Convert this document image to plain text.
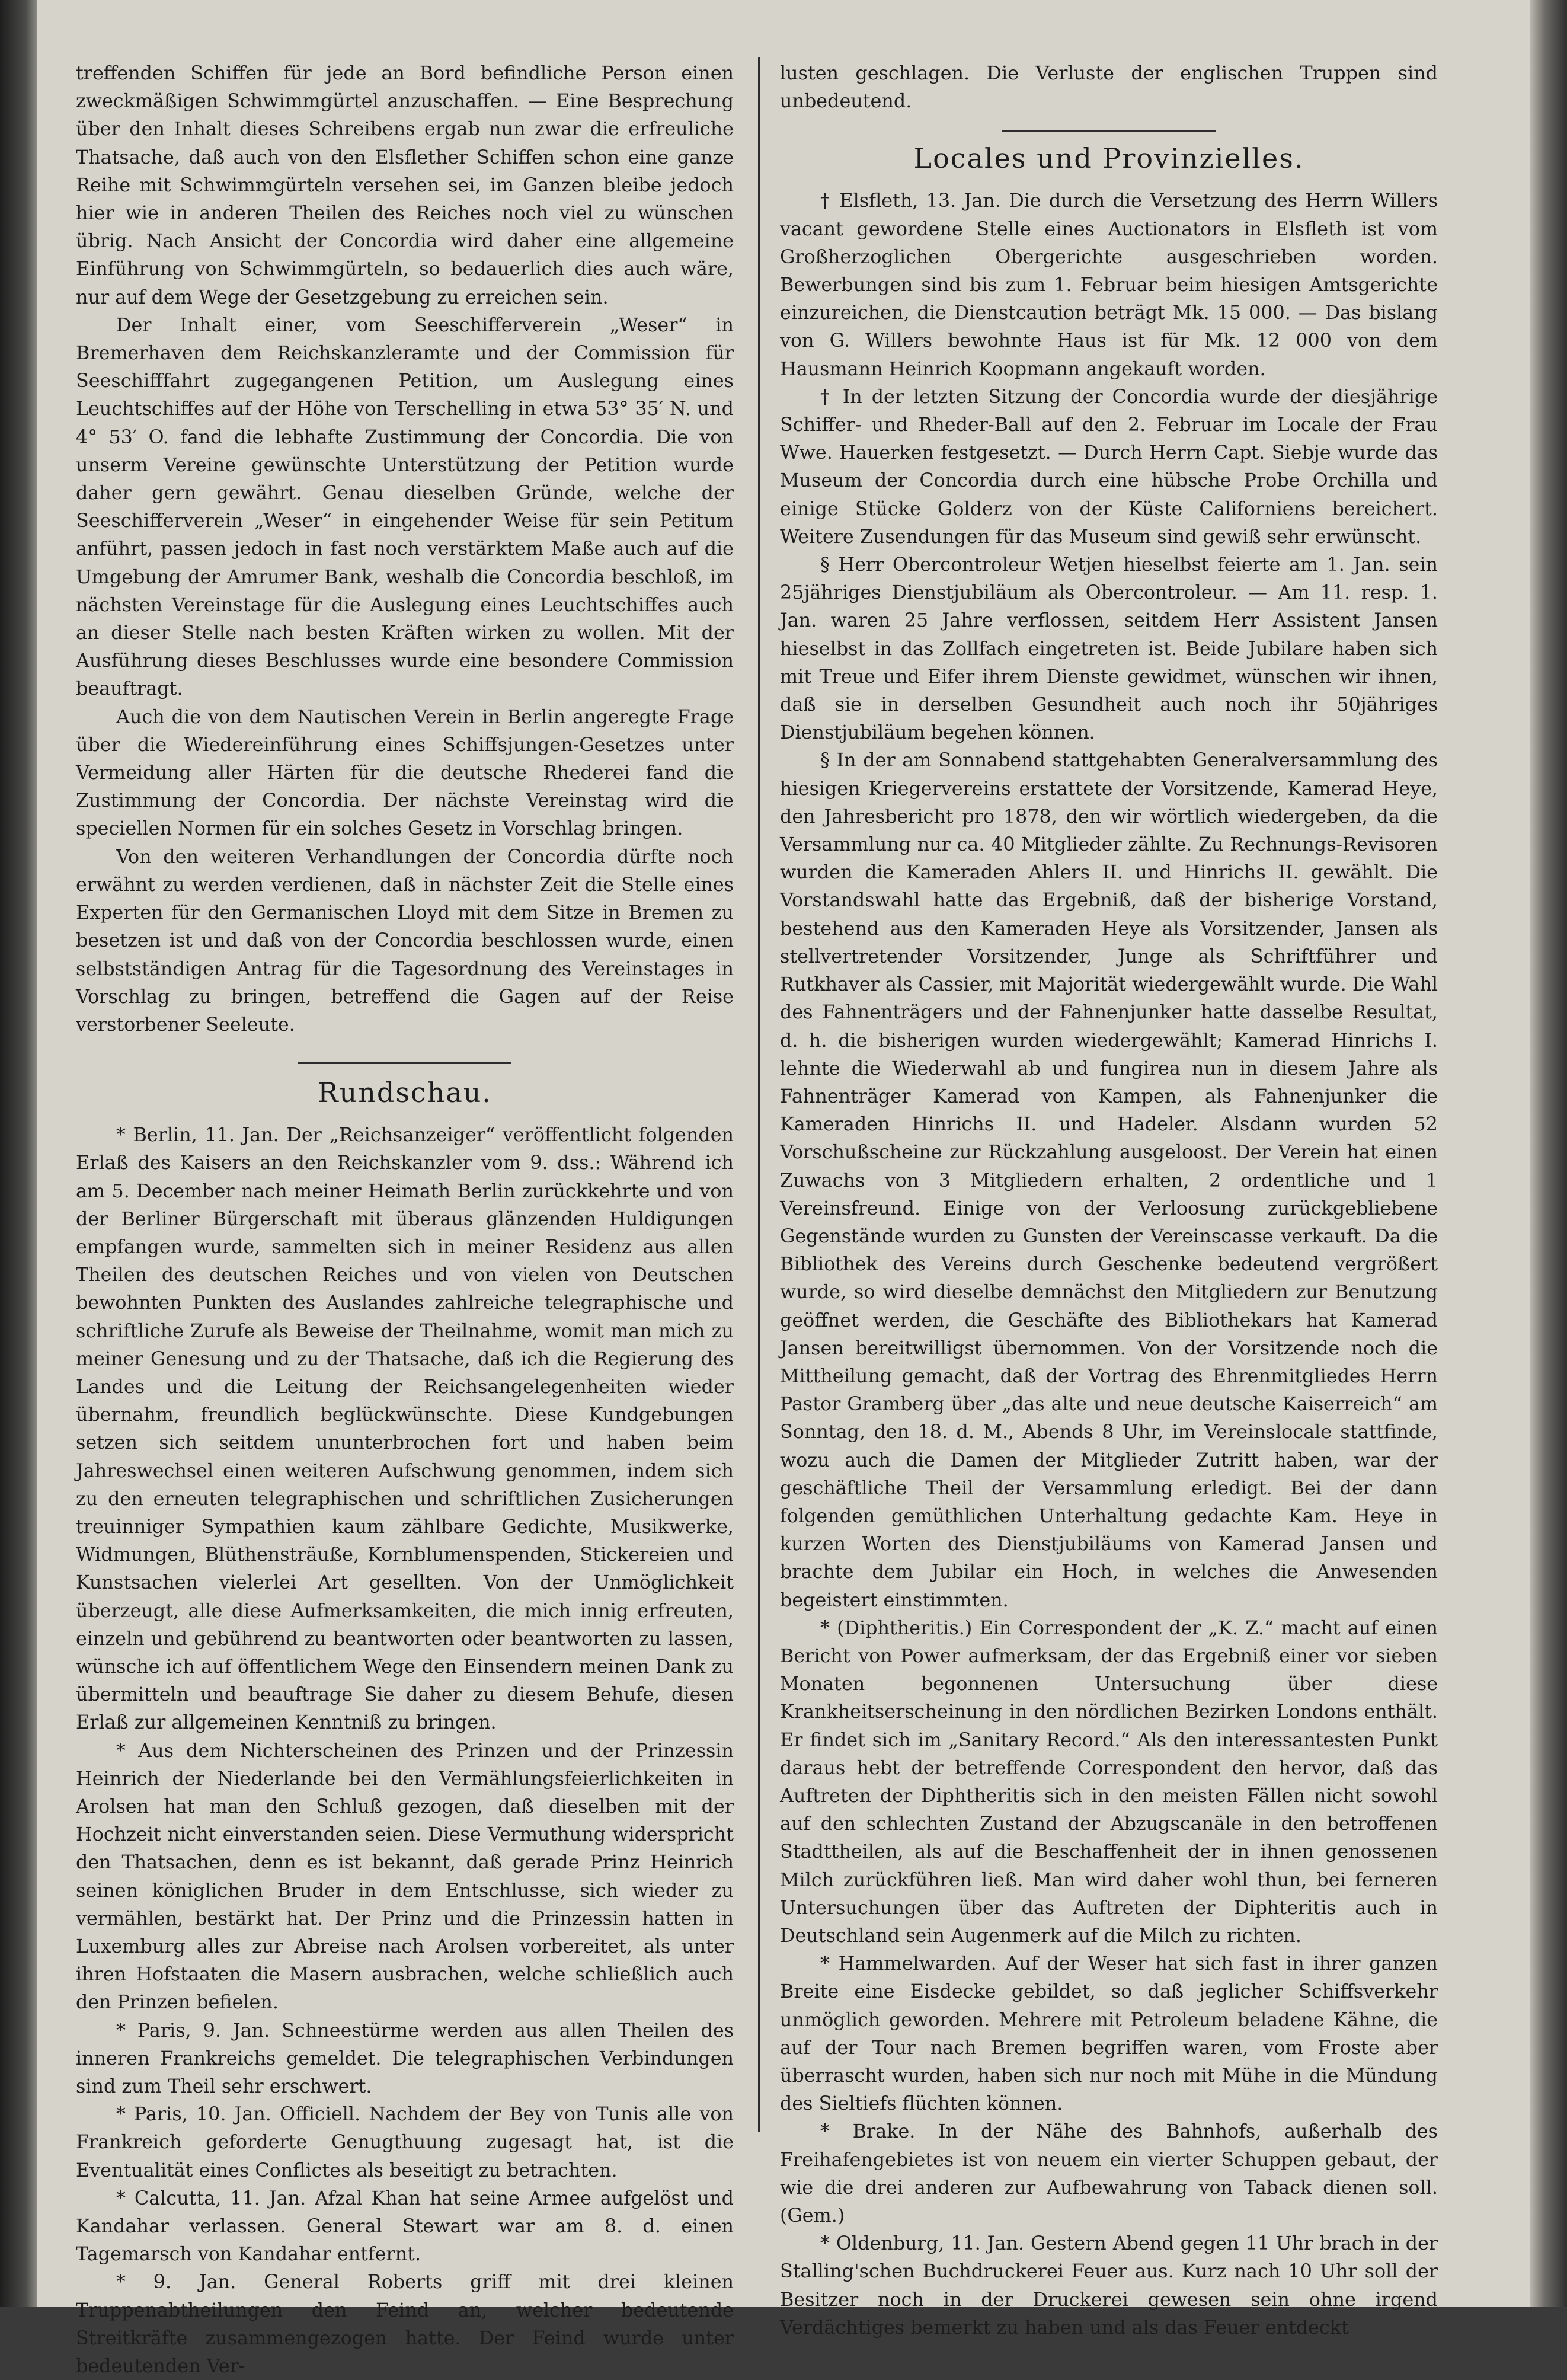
treffenden Schiffen für jede an Bord befindliche Person einen zweckmäßigen Schwimmgürtel anzuschaffen. — Eine Besprechung über den Inhalt dieses Schreibens ergab nun zwar die erfreuliche Thatsache, daß auch von den Elsflether Schiffen schon eine ganze Reihe mit Schwimmgürteln versehen sei, im Ganzen bleibe jedoch hier wie in anderen Theilen des Reiches noch viel zu wünschen übrig. Nach Ansicht der Concordia wird daher eine allgemeine Einführung von Schwimmgürteln, so bedauerlich dies auch wäre, nur auf dem Wege der Gesetzgebung zu erreichen sein.

Der Inhalt einer, vom Seeschifferverein „Weser“ in Bremerhaven dem Reichskanzleramte und der Commission für Seeschifffahrt zugegangenen Petition, um Auslegung eines Leuchtschiffes auf der Höhe von Terschelling in etwa 53° 35′ N. und 4° 53′ O. fand die lebhafte Zustimmung der Concordia. Die von unserm Vereine gewünschte Unterstützung der Petition wurde daher gern gewährt. Genau dieselben Gründe, welche der Seeschifferverein „Weser“ in eingehender Weise für sein Petitum anführt, passen jedoch in fast noch verstärktem Maße auch auf die Umgebung der Amrumer Bank, weshalb die Concordia beschloß, im nächsten Vereinstage für die Auslegung eines Leuchtschiffes auch an dieser Stelle nach besten Kräften wirken zu wollen. Mit der Ausführung dieses Beschlusses wurde eine besondere Commission beauftragt.

Auch die von dem Nautischen Verein in Berlin angeregte Frage über die Wiedereinführung eines Schiffsjungen-Gesetzes unter Vermeidung aller Härten für die deutsche Rhederei fand die Zustimmung der Concordia. Der nächste Vereinstag wird die speciellen Normen für ein solches Gesetz in Vorschlag bringen.

Von den weiteren Verhandlungen der Concordia dürfte noch erwähnt zu werden verdienen, daß in nächster Zeit die Stelle eines Experten für den Germanischen Lloyd mit dem Sitze in Bremen zu besetzen ist und daß von der Concordia beschlossen wurde, einen selbstständigen Antrag für die Tagesordnung des Vereinstages in Vorschlag zu bringen, betreffend die Gagen auf der Reise verstorbener Seeleute.

Rundschau.

* Berlin, 11. Jan. Der „Reichsanzeiger“ veröffentlicht folgenden Erlaß des Kaisers an den Reichskanzler vom 9. dss.: Während ich am 5. December nach meiner Heimath Berlin zurückkehrte und von der Berliner Bürgerschaft mit überaus glänzenden Huldigungen empfangen wurde, sammelten sich in meiner Residenz aus allen Theilen des deutschen Reiches und von vielen von Deutschen bewohnten Punkten des Auslandes zahlreiche telegraphische und schriftliche Zurufe als Beweise der Theilnahme, womit man mich zu meiner Genesung und zu der Thatsache, daß ich die Regierung des Landes und die Leitung der Reichsangelegenheiten wieder übernahm, freundlich beglückwünschte. Diese Kundgebungen setzen sich seitdem ununterbrochen fort und haben beim Jahreswechsel einen weiteren Aufschwung genommen, indem sich zu den erneuten telegraphischen und schriftlichen Zusicherungen treuinniger Sympathien kaum zählbare Gedichte, Musikwerke, Widmungen, Blüthensträuße, Kornblumenspenden, Stickereien und Kunstsachen vielerlei Art gesellten. Von der Unmöglichkeit überzeugt, alle diese Aufmerksamkeiten, die mich innig erfreuten, einzeln und gebührend zu beantworten oder beantworten zu lassen, wünsche ich auf öffentlichem Wege den Einsendern meinen Dank zu übermitteln und beauftrage Sie daher zu diesem Behufe, diesen Erlaß zur allgemeinen Kenntniß zu bringen.

* Aus dem Nichterscheinen des Prinzen und der Prinzessin Heinrich der Niederlande bei den Vermählungsfeierlichkeiten in Arolsen hat man den Schluß gezogen, daß dieselben mit der Hochzeit nicht einverstanden seien. Diese Vermuthung widerspricht den Thatsachen, denn es ist bekannt, daß gerade Prinz Heinrich seinen königlichen Bruder in dem Entschlusse, sich wieder zu vermählen, bestärkt hat. Der Prinz und die Prinzessin hatten in Luxemburg alles zur Abreise nach Arolsen vorbereitet, als unter ihren Hofstaaten die Masern ausbrachen, welche schließlich auch den Prinzen befielen.

* Paris, 9. Jan. Schneestürme werden aus allen Theilen des inneren Frankreichs gemeldet. Die telegraphischen Verbindungen sind zum Theil sehr erschwert.

* Paris, 10. Jan. Officiell. Nachdem der Bey von Tunis alle von Frankreich geforderte Genugthuung zugesagt hat, ist die Eventualität eines Conflictes als beseitigt zu betrachten.

* Calcutta, 11. Jan. Afzal Khan hat seine Armee aufgelöst und Kandahar verlassen. General Stewart war am 8. d. einen Tagemarsch von Kandahar entfernt.

* 9. Jan. General Roberts griff mit drei kleinen Truppenabtheilungen den Feind an, welcher bedeutende Streitkräfte zusammengezogen hatte. Der Feind wurde unter bedeutenden Ver-

lusten geschlagen. Die Verluste der englischen Truppen sind unbedeutend.

Locales und Provinzielles.

† Elsfleth, 13. Jan. Die durch die Versetzung des Herrn Willers vacant gewordene Stelle eines Auctionators in Elsfleth ist vom Großherzoglichen Obergerichte ausgeschrieben worden. Bewerbungen sind bis zum 1. Februar beim hiesigen Amtsgerichte einzureichen, die Dienstcaution beträgt Mk. 15 000. — Das bislang von G. Willers bewohnte Haus ist für Mk. 12 000 von dem Hausmann Heinrich Koopmann angekauft worden.

† In der letzten Sitzung der Concordia wurde der diesjährige Schiffer- und Rheder-Ball auf den 2. Februar im Locale der Frau Wwe. Hauerken festgesetzt. — Durch Herrn Capt. Siebje wurde das Museum der Concordia durch eine hübsche Probe Orchilla und einige Stücke Golderz von der Küste Californiens bereichert. Weitere Zusendungen für das Museum sind gewiß sehr erwünscht.

§ Herr Obercontroleur Wetjen hieselbst feierte am 1. Jan. sein 25jähriges Dienstjubiläum als Obercontroleur. — Am 11. resp. 1. Jan. waren 25 Jahre verflossen, seitdem Herr Assistent Jansen hieselbst in das Zollfach eingetreten ist. Beide Jubilare haben sich mit Treue und Eifer ihrem Dienste gewidmet, wünschen wir ihnen, daß sie in derselben Gesundheit auch noch ihr 50jähriges Dienstjubiläum begehen können.

§ In der am Sonnabend stattgehabten Generalversammlung des hiesigen Kriegervereins erstattete der Vorsitzende, Kamerad Heye, den Jahresbericht pro 1878, den wir wörtlich wiedergeben, da die Versammlung nur ca. 40 Mitglieder zählte. Zu Rechnungs-Revisoren wurden die Kameraden Ahlers II. und Hinrichs II. gewählt. Die Vorstandswahl hatte das Ergebniß, daß der bisherige Vorstand, bestehend aus den Kameraden Heye als Vorsitzender, Jansen als stellvertretender Vorsitzender, Junge als Schriftführer und Rutkhaver als Cassier, mit Majorität wiedergewählt wurde. Die Wahl des Fahnenträgers und der Fahnenjunker hatte dasselbe Resultat, d. h. die bisherigen wurden wiedergewählt; Kamerad Hinrichs I. lehnte die Wiederwahl ab und fungirea nun in diesem Jahre als Fahnenträger Kamerad von Kampen, als Fahnenjunker die Kameraden Hinrichs II. und Hadeler. Alsdann wurden 52 Vorschußscheine zur Rückzahlung ausgeloost. Der Verein hat einen Zuwachs von 3 Mitgliedern erhalten, 2 ordentliche und 1 Vereinsfreund. Einige von der Verloosung zurückgebliebene Gegenstände wurden zu Gunsten der Vereinscasse verkauft. Da die Bibliothek des Vereins durch Geschenke bedeutend vergrößert wurde, so wird dieselbe demnächst den Mitgliedern zur Benutzung geöffnet werden, die Geschäfte des Bibliothekars hat Kamerad Jansen bereitwilligst übernommen. Von der Vorsitzende noch die Mittheilung gemacht, daß der Vortrag des Ehrenmitgliedes Herrn Pastor Gramberg über „das alte und neue deutsche Kaiserreich“ am Sonntag, den 18. d. M., Abends 8 Uhr, im Vereinslocale stattfinde, wozu auch die Damen der Mitglieder Zutritt haben, war der geschäftliche Theil der Versammlung erledigt. Bei der dann folgenden gemüthlichen Unterhaltung gedachte Kam. Heye in kurzen Worten des Dienstjubiläums von Kamerad Jansen und brachte dem Jubilar ein Hoch, in welches die Anwesenden begeistert einstimmten.

* (Diphtheritis.) Ein Correspondent der „K. Z.“ macht auf einen Bericht von Power aufmerksam, der das Ergebniß einer vor sieben Monaten begonnenen Untersuchung über diese Krankheitserscheinung in den nördlichen Bezirken Londons enthält. Er findet sich im „Sanitary Record.“ Als den interessantesten Punkt daraus hebt der betreffende Correspondent den hervor, daß das Auftreten der Diphtheritis sich in den meisten Fällen nicht sowohl auf den schlechten Zustand der Abzugscanäle in den betroffenen Stadttheilen, als auf die Beschaffenheit der in ihnen genossenen Milch zurückführen ließ. Man wird daher wohl thun, bei ferneren Untersuchungen über das Auftreten der Diphteritis auch in Deutschland sein Augenmerk auf die Milch zu richten.

* Hammelwarden. Auf der Weser hat sich fast in ihrer ganzen Breite eine Eisdecke gebildet, so daß jeglicher Schiffsverkehr unmöglich geworden. Mehrere mit Petroleum beladene Kähne, die auf der Tour nach Bremen begriffen waren, vom Froste aber überrascht wurden, haben sich nur noch mit Mühe in die Mündung des Sieltiefs flüchten können.

* Brake. In der Nähe des Bahnhofs, außerhalb des Freihafengebietes ist von neuem ein vierter Schuppen gebaut, der wie die drei anderen zur Aufbewahrung von Taback dienen soll. (Gem.)

* Oldenburg, 11. Jan. Gestern Abend gegen 11 Uhr brach in der Stalling'schen Buchdruckerei Feuer aus. Kurz nach 10 Uhr soll der Besitzer noch in der Druckerei gewesen sein ohne irgend Verdächtiges bemerkt zu haben und als das Feuer entdeckt
